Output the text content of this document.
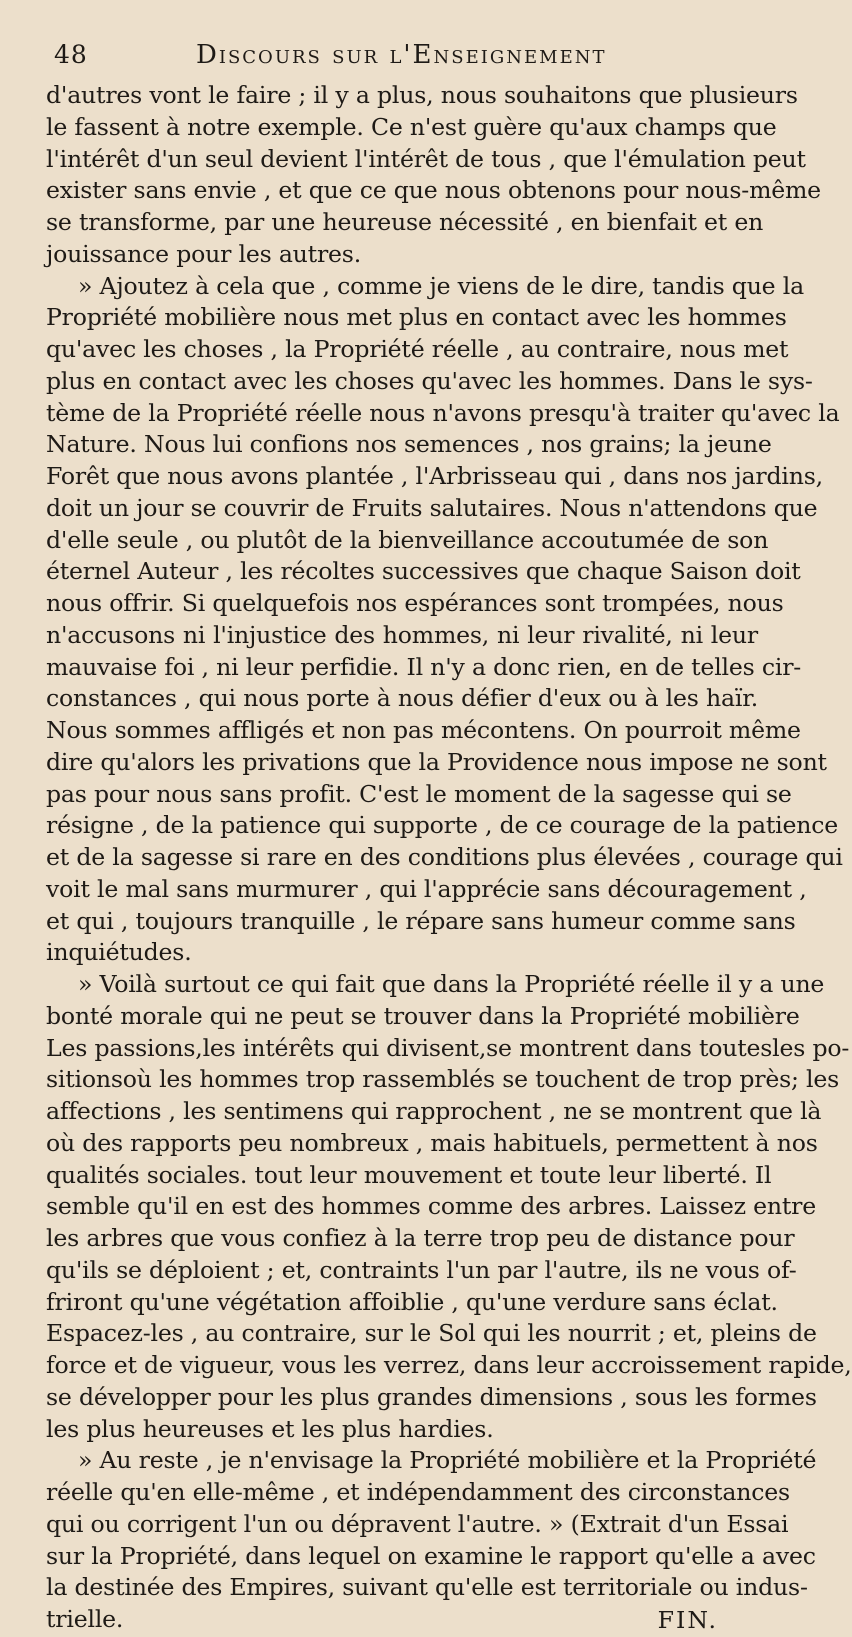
48	Discours sur l'Enseignement
d'autres vont le faire ; il y a plus, nous souhaitons que plusieurs
le fassent à notre exemple. Ce n'est guère qu'aux champs que
l'intérêt d'un seul devient l'intérêt de tous , que l'émulation peut
exister sans envie , et que ce que nous obtenons pour nous-même
se transforme, par une heureuse nécessité , en bienfait et en
jouissance pour les autres.
» Ajoutez à cela que , comme je viens de le dire, tandis que la
Propriété mobilière nous met plus en contact avec les hommes
qu'avec les choses , la Propriété réelle , au contraire, nous met
plus en contact avec les choses qu'avec les hommes. Dans le sys-
tème de la Propriété réelle nous n'avons presqu'à traiter qu'avec la
Nature. Nous lui confions nos semences , nos grains; la jeune
Forêt que nous avons plantée , l'Arbrisseau qui , dans nos jardins,
doit un jour se couvrir de Fruits salutaires. Nous n'attendons que
d'elle seule , ou plutôt de la bienveillance accoutumée de son
éternel Auteur , les récoltes successives que chaque Saison doit
nous offrir. Si quelquefois nos espérances sont trompées, nous
n'accusons ni l'injustice des hommes, ni leur rivalité, ni leur
mauvaise foi , ni leur perfidie. Il n'y a donc rien, en de telles cir-
constances , qui nous porte à nous défier d'eux ou à les haïr.
Nous sommes affligés et non pas mécontens. On pourroit même
dire qu'alors les privations que la Providence nous impose ne sont
pas pour nous sans profit. C'est le moment de la sagesse qui se
résigne , de la patience qui supporte , de ce courage de la patience
et de la sagesse si rare en des conditions plus élevées , courage qui
voit le mal sans murmurer , qui l'apprécie sans découragement ,
et qui , toujours tranquille , le répare sans humeur comme sans
inquiétudes.
» Voilà surtout ce qui fait que dans la Propriété réelle il y a une
bonté morale qui ne peut se trouver dans la Propriété mobilière
Les passions,les intérêts qui divisent,se montrent dans toutesles po-
sitionsoù les hommes trop rassemblés se touchent de trop près; les
affections , les sentimens qui rapprochent , ne se montrent que là
où des rapports peu nombreux , mais habituels, permettent à nos
qualités sociales. tout leur mouvement et toute leur liberté. Il
semble qu'il en est des hommes comme des arbres. Laissez entre
les arbres que vous confiez à la terre trop peu de distance pour
qu'ils se déploient ; et, contraints l'un par l'autre, ils ne vous of-
friront qu'une végétation affoiblie , qu'une verdure sans éclat.
Espacez-les , au contraire, sur le Sol qui les nourrit ; et, pleins de
force et de vigueur, vous les verrez, dans leur accroissement rapide,
se développer pour les plus grandes dimensions , sous les formes
les plus heureuses et les plus hardies.
» Au reste , je n'envisage la Propriété mobilière et la Propriété
réelle qu'en elle-même , et indépendamment des circonstances
qui ou corrigent l'un ou dépravent l'autre. » (Extrait d'un Essai
sur la Propriété, dans lequel on examine le rapport qu'elle a avec
la destinée des Empires, suivant qu'elle est territoriale ou indus-
trielle.	FIN.
